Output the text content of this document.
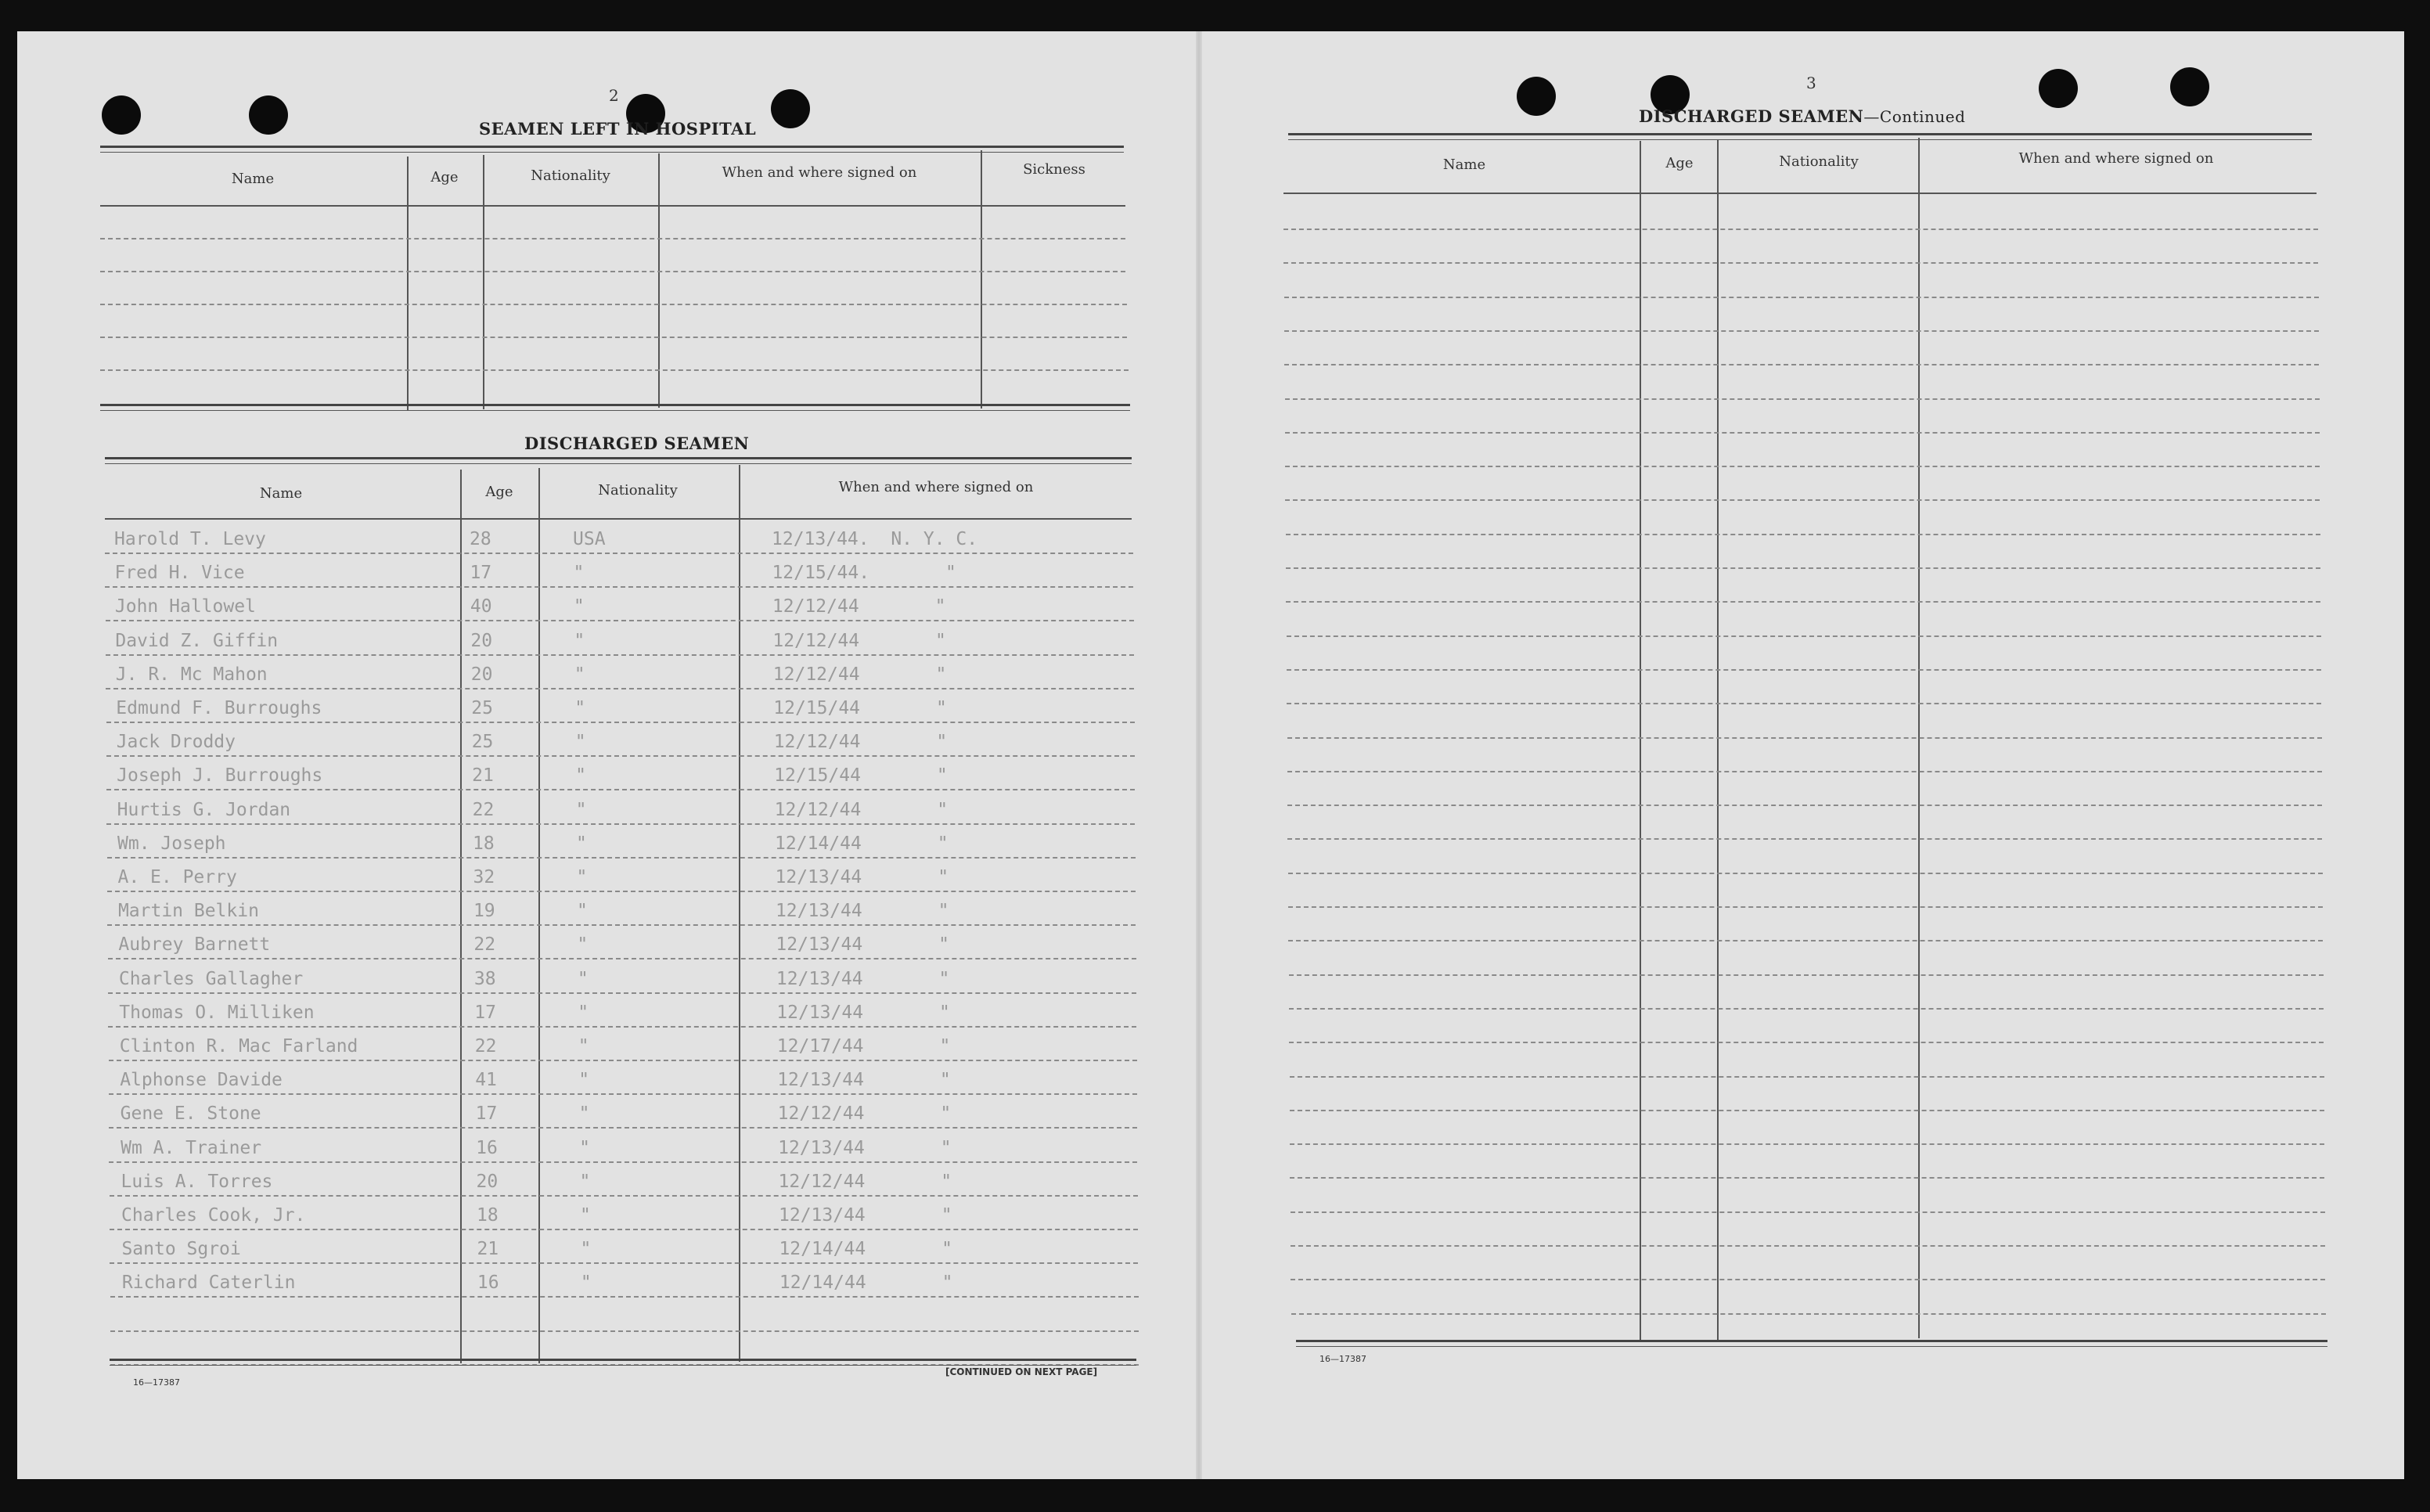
2
SEAMEN LEFT IN HOSPITAL
Name	Age	Nationality	When and where signed on	Sickness
DISCHARGED SEAMEN
Name	Age	Nationality	When and where signed on
Harold T. Levy	28	USA	12/13/44.  N. Y. C.
Fred H. Vice	17	"	12/15/44.       "
John Hallowel	40	"	12/12/44       "
David Z. Giffin	20	"	12/12/44       "
J. R. Mc Mahon	20	"	12/12/44       "
Edmund F. Burroughs	25	"	12/15/44       "
Jack Droddy	25	"	12/12/44       "
Joseph J. Burroughs	21	"	12/15/44       "
Hurtis G. Jordan	22	"	12/12/44       "
Wm. Joseph	18	"	12/14/44       "
A. E. Perry	32	"	12/13/44       "
Martin Belkin	19	"	12/13/44       "
Aubrey Barnett	22	"	12/13/44       "
Charles Gallagher	38	"	12/13/44       "
Thomas O. Milliken	17	"	12/13/44       "
Clinton R. Mac Farland	22	"	12/17/44       "
Alphonse Davide	41	"	12/13/44       "
Gene E. Stone	17	"	12/12/44       "
Wm A. Trainer	16	"	12/13/44       "
Luis A. Torres	20	"	12/12/44       "
Charles Cook, Jr.	18	"	12/13/44       "
Santo Sgroi	21	"	12/14/44       "
Richard Caterlin	16	"	12/14/44       "
16—17387
[CONTINUED ON NEXT PAGE]
3
DISCHARGED SEAMEN—Continued
Name	Age	Nationality	When and where signed on
16—17387
